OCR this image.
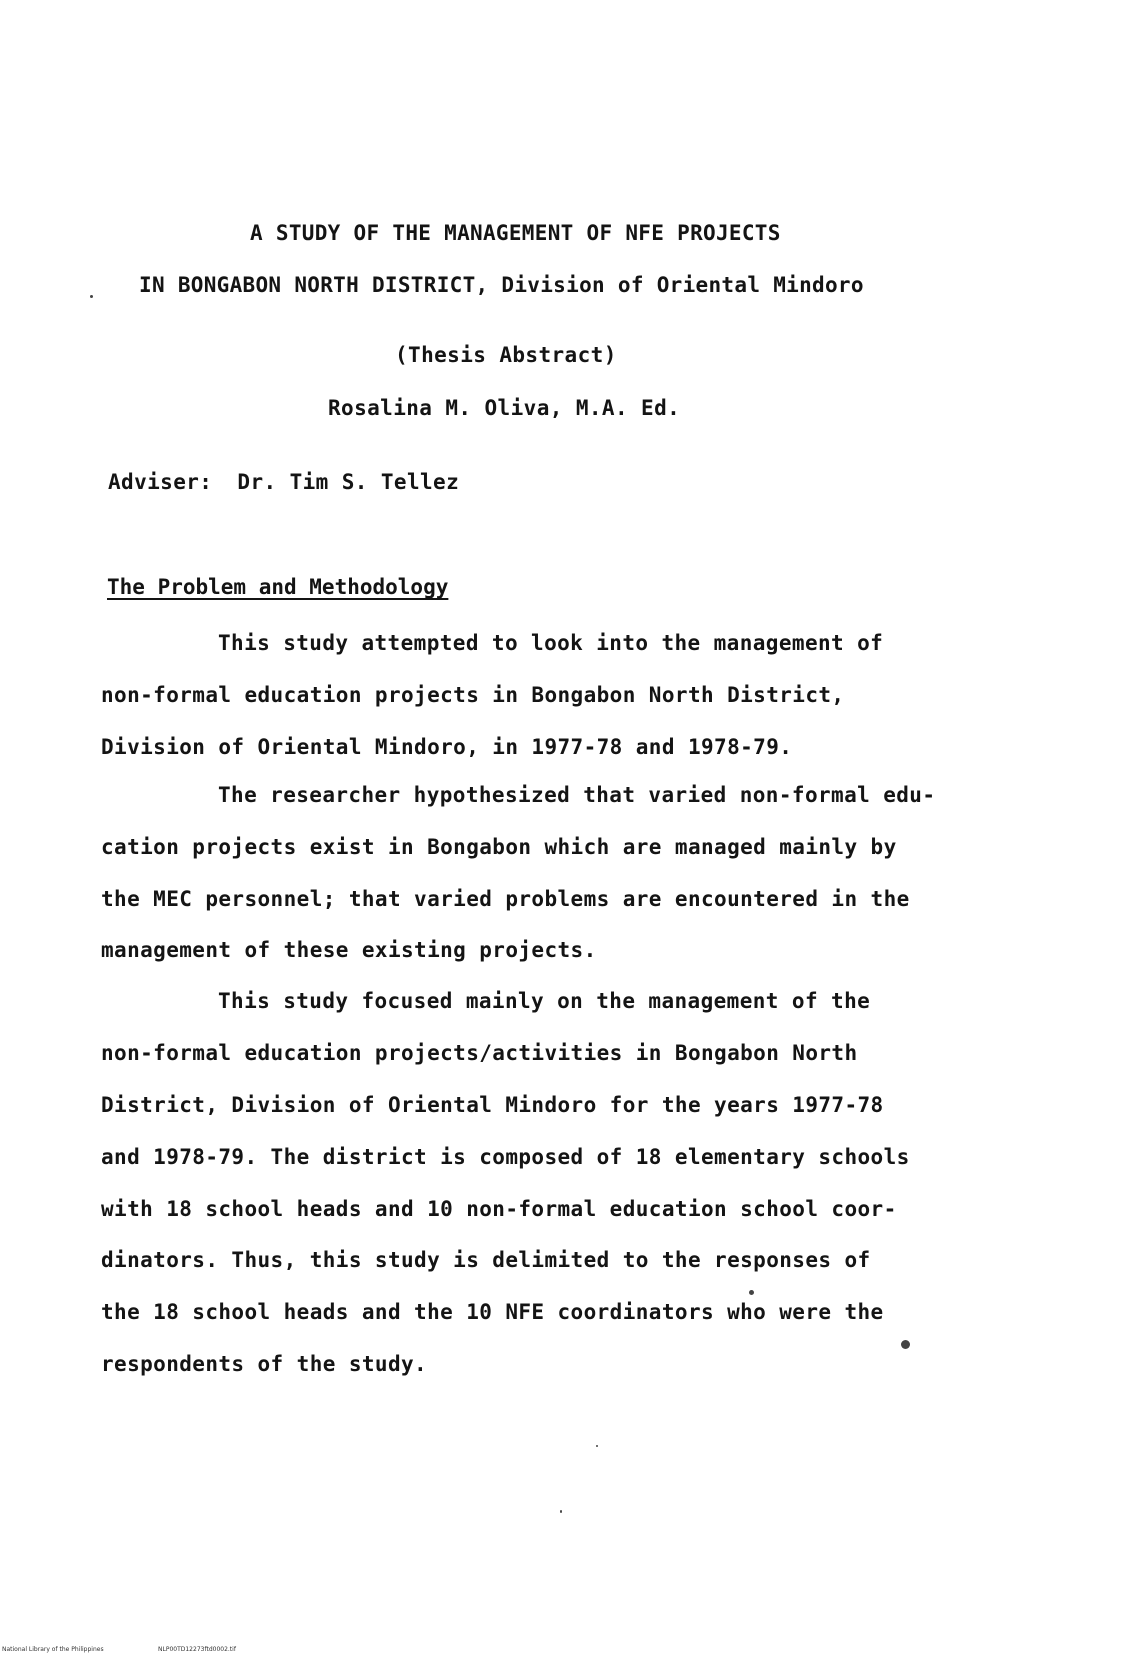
A STUDY OF THE MANAGEMENT OF NFE PROJECTS
IN BONGABON NORTH DISTRICT, Division of Oriental Mindoro
(Thesis Abstract)
Rosalina M. Oliva, M.A. Ed.
Adviser: Dr. Tim S. Tellez
The Problem and Methodology
This study attempted to look into the management of
non-formal education projects in Bongabon North District,
Division of Oriental Mindoro, in 1977-78 and 1978-79.
The researcher hypothesized that varied non-formal edu-
cation projects exist in Bongabon which are managed mainly by
the MEC personnel; that varied problems are encountered in the
management of these existing projects.
This study focused mainly on the management of the
non-formal education projects/activities in Bongabon North
District, Division of Oriental Mindoro for the years 1977-78
and 1978-79. The district is composed of 18 elementary schools
with 18 school heads and 10 non-formal education school coor-
dinators. Thus, this study is delimited to the responses of
the 18 school heads and the 10 NFE coordinators who were the
respondents of the study.
National Library of the Philippines	NLP00TD12273ftd0002.tif
